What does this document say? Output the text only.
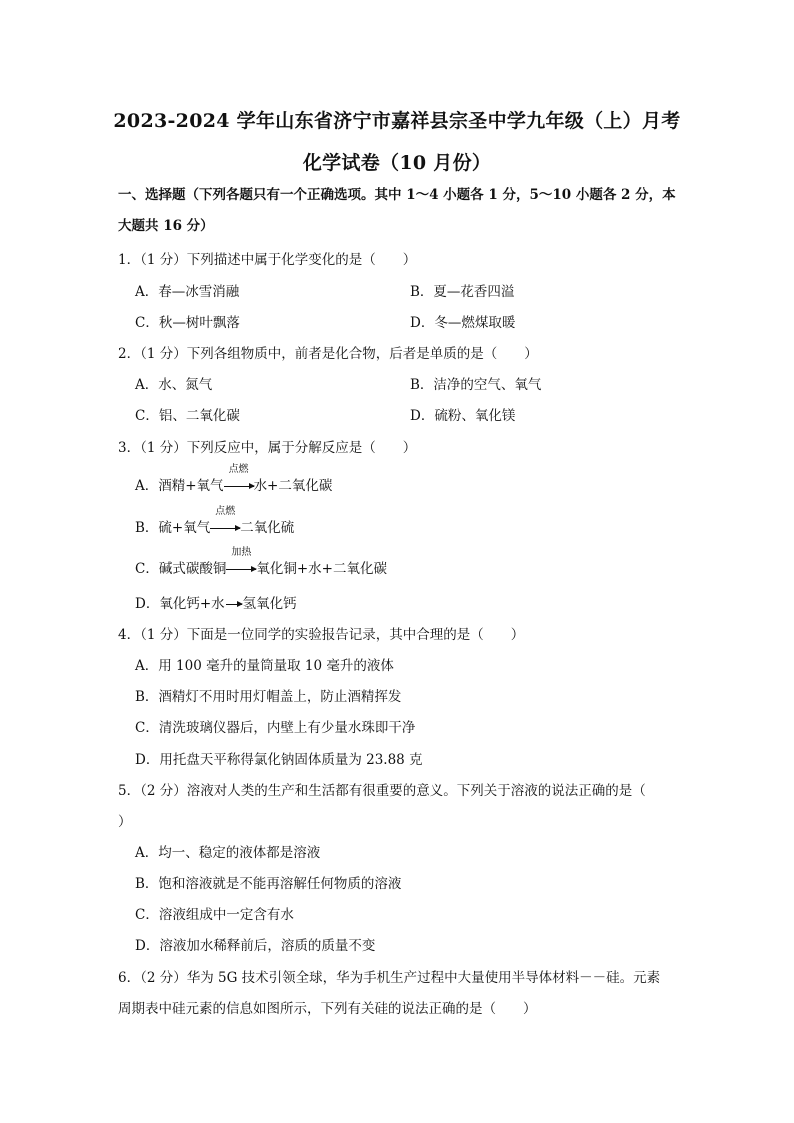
2023-2024 学年山东省济宁市嘉祥县宗圣中学九年级（上）月考
化学试卷（10 月份）
一、选择题（下列各题只有一个正确选项。其中 1～4 小题各 1 分，5～10 小题各 2 分，本
大题共 16 分）
1．（1 分）下列描述中属于化学变化的是（　　）
A．春—冰雪消融	B．夏—花香四溢
C．秋—树叶飘落	D．冬—燃煤取暖
2．（1 分）下列各组物质中，前者是化合物，后者是单质的是（　　）
A．水、氮气	B．洁净的空气、氧气
C．铝、二氧化碳	D．硫粉、氧化镁
3．（1 分）下列反应中，属于分解反应是（　　）
A．酒精+氧气
点燃
水+二氧化碳
B．硫+氧气
点燃
二氧化硫
C．碱式碳酸铜
加热
氧化铜+水+二氧化碳
D．氧化钙+水 氢氧化钙
4．（1 分）下面是一位同学的实验报告记录，其中合理的是（　　）
A．用 100 毫升的量筒量取 10 毫升的液体
B．酒精灯不用时用灯帽盖上，防止酒精挥发
C．清洗玻璃仪器后，内壁上有少量水珠即干净
D．用托盘天平称得氯化钠固体质量为 23.88 克
5．（2 分）溶液对人类的生产和生活都有很重要的意义。下列关于溶液的说法正确的是（
）
A．均一、稳定的液体都是溶液
B．饱和溶液就是不能再溶解任何物质的溶液
C．溶液组成中一定含有水
D．溶液加水稀释前后，溶质的质量不变
6．（2 分）华为 5G 技术引领全球，华为手机生产过程中大量使用半导体材料－－硅。元素
周期表中硅元素的信息如图所示，下列有关硅的说法正确的是（　　）
